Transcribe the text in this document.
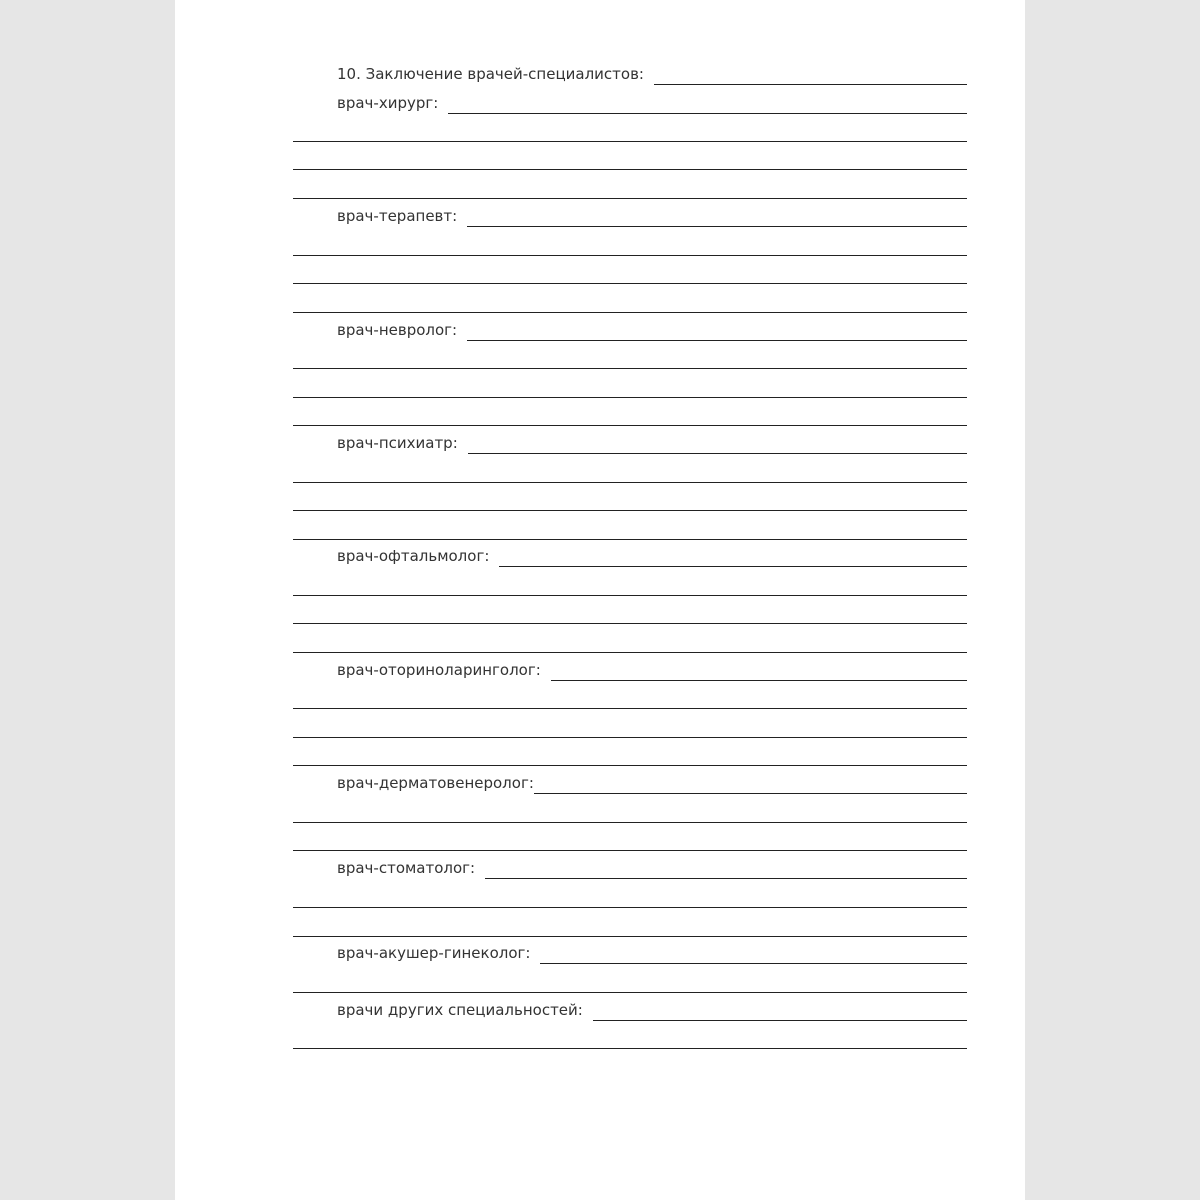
10. Заключение врачей-специалистов:
врач-хирург:
врач-терапевт:
врач-невролог:
врач-психиатр:
врач-офтальмолог:
врач-оториноларинголог:
врач-дерматовенеролог:
врач-стоматолог:
врач-акушер-гинеколог:
врачи других специальностей:
